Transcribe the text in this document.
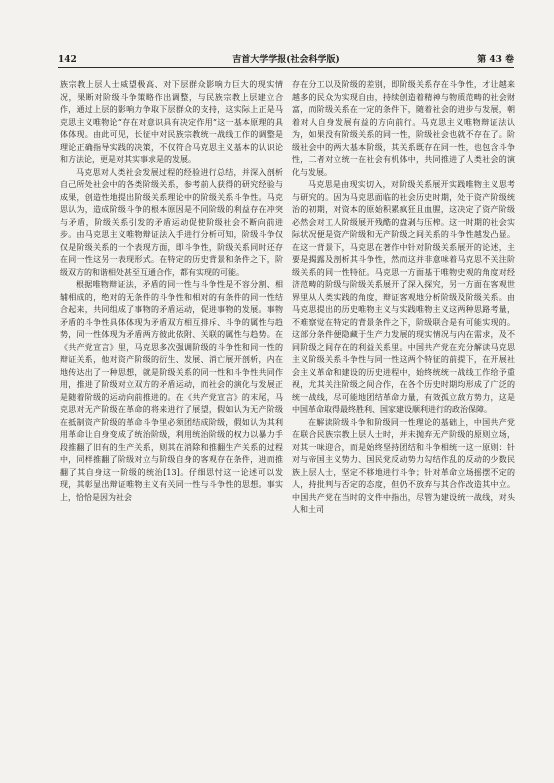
142	吉首大学学报(社会科学版)	第 43 卷

族宗教上层人士威望极高、对下层群众影响力巨大的现实情况，果断对阶级斗争策略作出调整，与民族宗教上层建立合作，通过上层的影响力争取下层群众的支持，这实际上正是马克思主义唯物论“存在对意识具有决定作用”这一基本原理的具体体现。由此可见，长征中对民族宗教统一战线工作的调整是理论正确指导实践的决策，不仅符合马克思主义基本的认识论和方法论，更是对其实事求是的发展。

马克思对人类社会发展过程的经验进行总结，并深入剖析自己所处社会中的各类阶级关系，参考前人获得的研究经验与成果，创造性地提出阶级关系理论中的阶级关系斗争性。马克思认为，造成阶级斗争的根本原因是不同阶级的利益存在冲突与矛盾，阶级关系引发的矛盾运动促使阶级社会不断向前进步。由马克思主义唯物辩证法入手进行分析可知，阶级斗争仅仅是阶级关系的一个表现方面，即斗争性，阶级关系同时还存在同一性这另一表现形式。在特定的历史背景和条件之下，阶级双方的和谐相处甚至互通合作，都有实现的可能。

根据唯物辩证法，矛盾的同一性与斗争性是不容分割、相辅相成的，绝对的无条件的斗争性和相对的有条件的同一性结合起来，共同组成了事物的矛盾运动，促进事物的发展。事物矛盾的斗争性具体体现为矛盾双方相互排斥、斗争的属性与趋势，同一性体现为矛盾两方彼此依附、关联的属性与趋势。在《共产党宣言》里，马克思多次强调阶级的斗争性和同一性的辩证关系，他对资产阶级的衍生、发展、消亡展开剖析，内在地传达出了一种思想，就是阶级关系的同一性和斗争性共同作用，推进了阶级对立双方的矛盾运动，而社会的演化与发展正是随着阶级的运动向前推进的。在《共产党宣言》的末尾，马克思对无产阶级在革命的将来进行了展望，假如认为无产阶级在抵制资产阶级的革命斗争里必须团结成阶级，假如认为其利用革命让自身变成了统治阶级，利用统治阶级的权力以暴力手段推翻了旧有的生产关系，则其在消除和推翻生产关系的过程中，同样推翻了阶级对立与阶级自身的客观存在条件，进而推翻了其自身这一阶级的统治[13]。仔细思忖这一论述可以发现，其彰显出辩证唯物主义有关同一性与斗争性的思想。事实上，恰恰是因为社会

存在分工以及阶级的差别，即阶级关系存在斗争性，才让越来越多的民众为实现自由，持续创造着精神与物质范畴的社会财富，而阶级关系在一定的条件下，随着社会的进步与发展，朝着对人自身发展有益的方向前行。马克思主义唯物辩证法认为，如果没有阶级关系的同一性，阶级社会也就不存在了。阶级社会中的两大基本阶级，其关系既存在同一性，也包含斗争性，二者对立统一在社会有机体中，共同推进了人类社会的演化与发展。

马克思是由现实切入，对阶级关系展开实践唯物主义思考与研究的。因为马克思面临的社会历史时期，处于资产阶级统治的初期，对资本的原始积累疯狂且血腥，这决定了资产阶级必然会对工人阶级展开残酷的盘剥与压榨。这一时期的社会实际状况便是资产阶级和无产阶级之间关系的斗争性越发凸显。在这一背景下，马克思在著作中针对阶级关系展开的论述，主要是揭露及剖析其斗争性，然而这并非意味着马克思不关注阶级关系的同一性特征。马克思一方面基于唯物史观的角度对经济范畴的阶级与阶级关系展开了深入探究，另一方面在客观世界里从人类实践的角度，辩证客观地分析阶级及阶级关系。由马克思提出的历史唯物主义与实践唯物主义这两种思路考量，不难察觉在特定的背景条件之下，阶级联合是有可能实现的。这部分条件便隐藏于生产力发展的现实情况与内在需求，及不同阶级之间存在的利益关系里。中国共产党在充分解读马克思主义阶级关系斗争性与同一性这两个特征的前提下，在开展社会主义革命和建设的历史进程中，始终统统一战线工作给予重视，尤其关注阶级之间合作，在各个历史时期均形成了广泛的统一战线，尽可能地团结革命力量，有效孤立敌方势力，这是中国革命取得最终胜利、国家建设顺利进行的政治保障。

在解读阶级斗争和阶级同一性理论的基础上，中国共产党在联合民族宗教上层人士时，并未抛弃无产阶级的原则立场，对其一味迎合，而是始终坚持团结和斗争相统一这一原则：针对与帝国主义势力、国民党反动势力勾结作乱的反动的少数民族上层人士，坚定不移地进行斗争；针对革命立场摇摆不定的人，持批判与否定的态度，但仍不放弃与其合作改造其中立。中国共产党在当时的文件中指出，尽管为建设统一战线，对头人和土司
